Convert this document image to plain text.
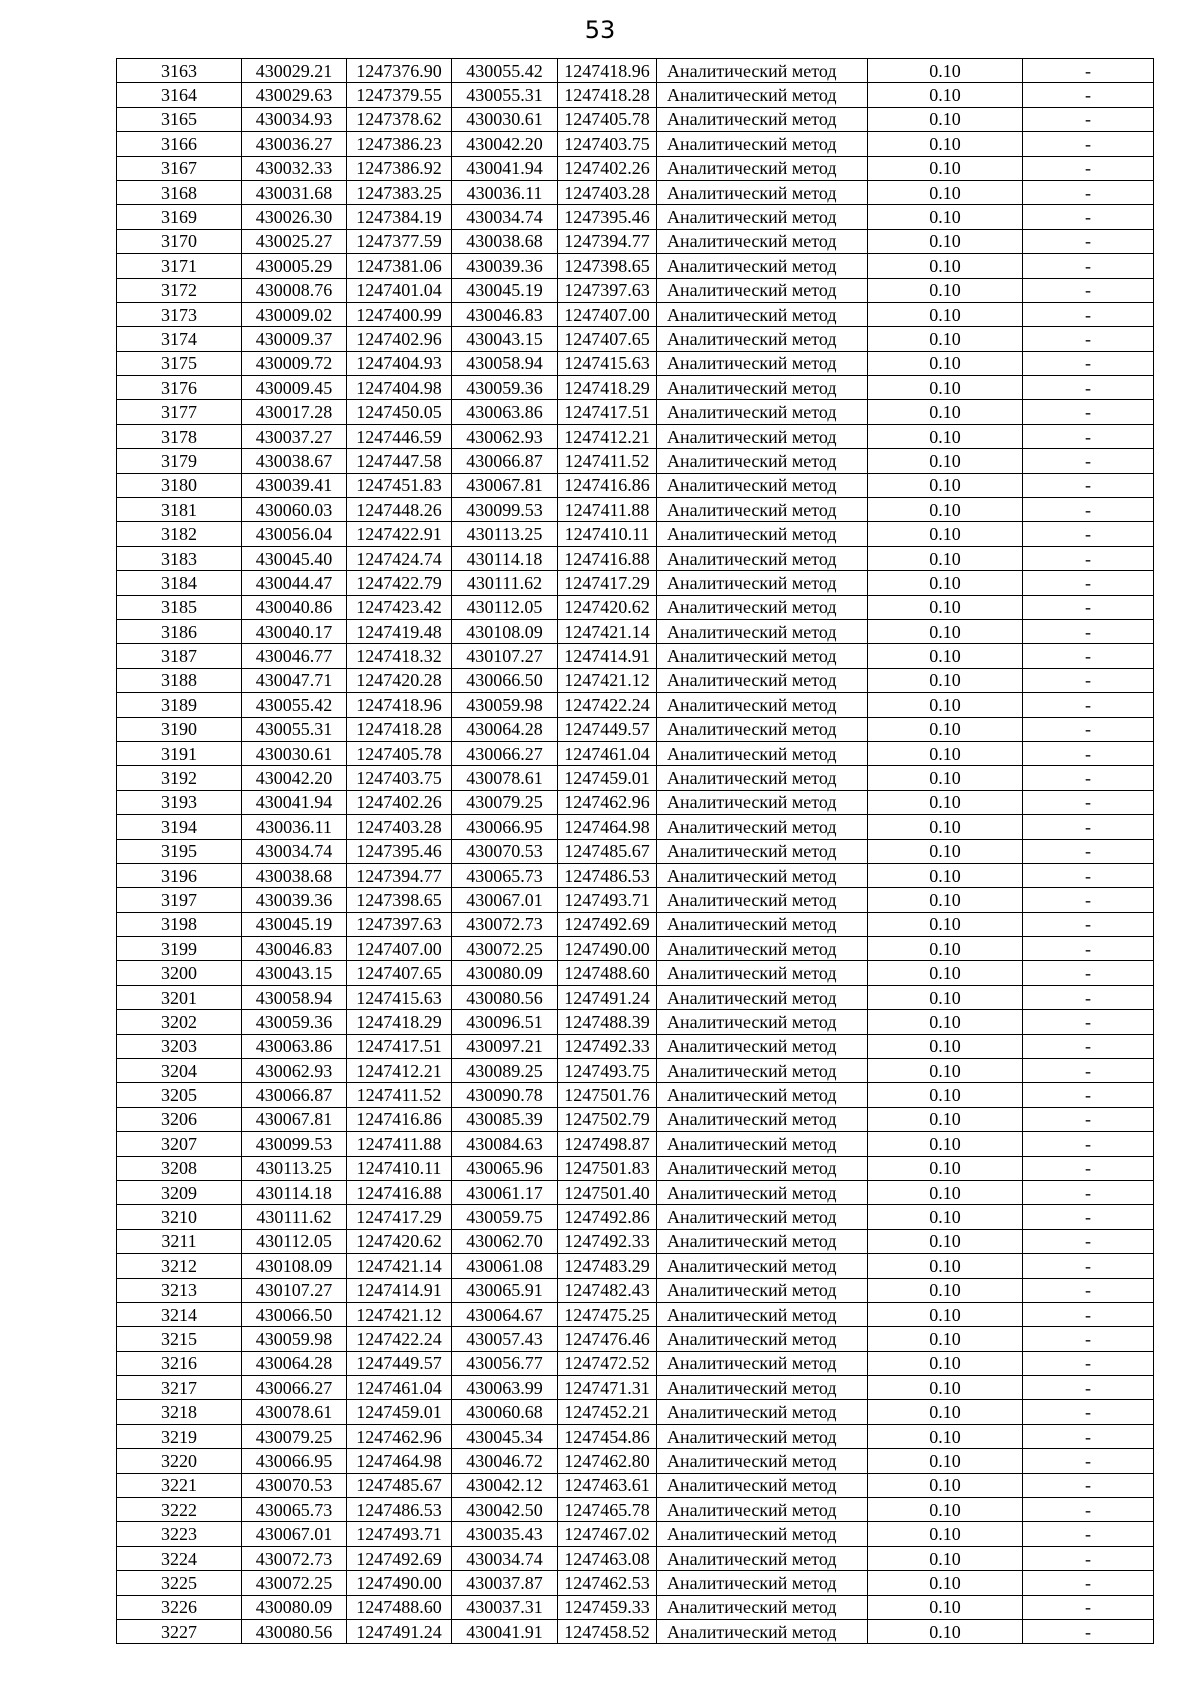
53
3163	430029.21	1247376.90	430055.42	1247418.96	Аналитический метод	0.10	-
3164	430029.63	1247379.55	430055.31	1247418.28	Аналитический метод	0.10	-
3165	430034.93	1247378.62	430030.61	1247405.78	Аналитический метод	0.10	-
3166	430036.27	1247386.23	430042.20	1247403.75	Аналитический метод	0.10	-
3167	430032.33	1247386.92	430041.94	1247402.26	Аналитический метод	0.10	-
3168	430031.68	1247383.25	430036.11	1247403.28	Аналитический метод	0.10	-
3169	430026.30	1247384.19	430034.74	1247395.46	Аналитический метод	0.10	-
3170	430025.27	1247377.59	430038.68	1247394.77	Аналитический метод	0.10	-
3171	430005.29	1247381.06	430039.36	1247398.65	Аналитический метод	0.10	-
3172	430008.76	1247401.04	430045.19	1247397.63	Аналитический метод	0.10	-
3173	430009.02	1247400.99	430046.83	1247407.00	Аналитический метод	0.10	-
3174	430009.37	1247402.96	430043.15	1247407.65	Аналитический метод	0.10	-
3175	430009.72	1247404.93	430058.94	1247415.63	Аналитический метод	0.10	-
3176	430009.45	1247404.98	430059.36	1247418.29	Аналитический метод	0.10	-
3177	430017.28	1247450.05	430063.86	1247417.51	Аналитический метод	0.10	-
3178	430037.27	1247446.59	430062.93	1247412.21	Аналитический метод	0.10	-
3179	430038.67	1247447.58	430066.87	1247411.52	Аналитический метод	0.10	-
3180	430039.41	1247451.83	430067.81	1247416.86	Аналитический метод	0.10	-
3181	430060.03	1247448.26	430099.53	1247411.88	Аналитический метод	0.10	-
3182	430056.04	1247422.91	430113.25	1247410.11	Аналитический метод	0.10	-
3183	430045.40	1247424.74	430114.18	1247416.88	Аналитический метод	0.10	-
3184	430044.47	1247422.79	430111.62	1247417.29	Аналитический метод	0.10	-
3185	430040.86	1247423.42	430112.05	1247420.62	Аналитический метод	0.10	-
3186	430040.17	1247419.48	430108.09	1247421.14	Аналитический метод	0.10	-
3187	430046.77	1247418.32	430107.27	1247414.91	Аналитический метод	0.10	-
3188	430047.71	1247420.28	430066.50	1247421.12	Аналитический метод	0.10	-
3189	430055.42	1247418.96	430059.98	1247422.24	Аналитический метод	0.10	-
3190	430055.31	1247418.28	430064.28	1247449.57	Аналитический метод	0.10	-
3191	430030.61	1247405.78	430066.27	1247461.04	Аналитический метод	0.10	-
3192	430042.20	1247403.75	430078.61	1247459.01	Аналитический метод	0.10	-
3193	430041.94	1247402.26	430079.25	1247462.96	Аналитический метод	0.10	-
3194	430036.11	1247403.28	430066.95	1247464.98	Аналитический метод	0.10	-
3195	430034.74	1247395.46	430070.53	1247485.67	Аналитический метод	0.10	-
3196	430038.68	1247394.77	430065.73	1247486.53	Аналитический метод	0.10	-
3197	430039.36	1247398.65	430067.01	1247493.71	Аналитический метод	0.10	-
3198	430045.19	1247397.63	430072.73	1247492.69	Аналитический метод	0.10	-
3199	430046.83	1247407.00	430072.25	1247490.00	Аналитический метод	0.10	-
3200	430043.15	1247407.65	430080.09	1247488.60	Аналитический метод	0.10	-
3201	430058.94	1247415.63	430080.56	1247491.24	Аналитический метод	0.10	-
3202	430059.36	1247418.29	430096.51	1247488.39	Аналитический метод	0.10	-
3203	430063.86	1247417.51	430097.21	1247492.33	Аналитический метод	0.10	-
3204	430062.93	1247412.21	430089.25	1247493.75	Аналитический метод	0.10	-
3205	430066.87	1247411.52	430090.78	1247501.76	Аналитический метод	0.10	-
3206	430067.81	1247416.86	430085.39	1247502.79	Аналитический метод	0.10	-
3207	430099.53	1247411.88	430084.63	1247498.87	Аналитический метод	0.10	-
3208	430113.25	1247410.11	430065.96	1247501.83	Аналитический метод	0.10	-
3209	430114.18	1247416.88	430061.17	1247501.40	Аналитический метод	0.10	-
3210	430111.62	1247417.29	430059.75	1247492.86	Аналитический метод	0.10	-
3211	430112.05	1247420.62	430062.70	1247492.33	Аналитический метод	0.10	-
3212	430108.09	1247421.14	430061.08	1247483.29	Аналитический метод	0.10	-
3213	430107.27	1247414.91	430065.91	1247482.43	Аналитический метод	0.10	-
3214	430066.50	1247421.12	430064.67	1247475.25	Аналитический метод	0.10	-
3215	430059.98	1247422.24	430057.43	1247476.46	Аналитический метод	0.10	-
3216	430064.28	1247449.57	430056.77	1247472.52	Аналитический метод	0.10	-
3217	430066.27	1247461.04	430063.99	1247471.31	Аналитический метод	0.10	-
3218	430078.61	1247459.01	430060.68	1247452.21	Аналитический метод	0.10	-
3219	430079.25	1247462.96	430045.34	1247454.86	Аналитический метод	0.10	-
3220	430066.95	1247464.98	430046.72	1247462.80	Аналитический метод	0.10	-
3221	430070.53	1247485.67	430042.12	1247463.61	Аналитический метод	0.10	-
3222	430065.73	1247486.53	430042.50	1247465.78	Аналитический метод	0.10	-
3223	430067.01	1247493.71	430035.43	1247467.02	Аналитический метод	0.10	-
3224	430072.73	1247492.69	430034.74	1247463.08	Аналитический метод	0.10	-
3225	430072.25	1247490.00	430037.87	1247462.53	Аналитический метод	0.10	-
3226	430080.09	1247488.60	430037.31	1247459.33	Аналитический метод	0.10	-
3227	430080.56	1247491.24	430041.91	1247458.52	Аналитический метод	0.10	-
